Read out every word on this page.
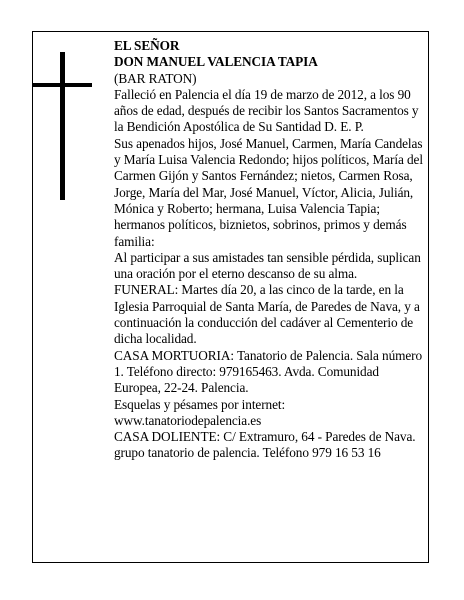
EL SEÑOR

DON MANUEL VALENCIA TAPIA

(BAR RATON)

Falleció en Palencia el día 19 de marzo de 2012, a los 90 años de edad, después de recibir los Santos Sacramentos y la Bendición Apostólica de Su Santidad D. E. P.

Sus apenados hijos, José Manuel, Carmen, María Candelas y María Luisa Valencia Redondo; hijos políticos, María del Carmen Gijón y Santos Fernández; nietos, Carmen Rosa, Jorge, María del Mar, José Manuel, Víctor, Alicia, Julián, Mónica y Roberto; hermana, Luisa Valencia Tapia; hermanos políticos, biznietos, sobrinos, primos y demás familia:

Al participar a sus amistades tan sensible pérdida, suplican una oración por el eterno descanso de su alma.

FUNERAL: Martes día 20, a las cinco de la tarde, en la Iglesia Parroquial de Santa María, de Paredes de Nava, y a continuación la conducción del cadáver al Cementerio de dicha localidad.

CASA MORTUORIA: Tanatorio de Palencia. Sala número 1. Teléfono directo: 979165463. Avda. Comunidad Europea, 22-24. Palencia.

Esquelas y pésames por internet:

www.tanatoriodepalencia.es

CASA DOLIENTE: C/ Extramuro, 64 - Paredes de Nava.

grupo tanatorio de palencia. Teléfono 979 16 53 16
